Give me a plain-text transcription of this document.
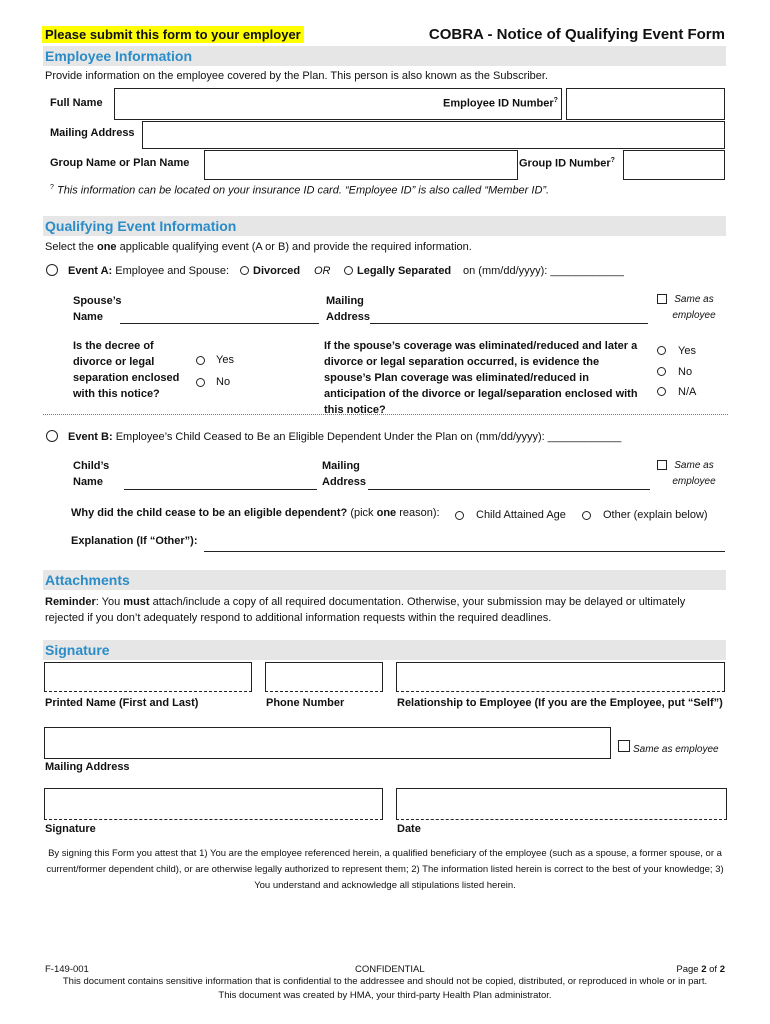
Please submit this form to your employer	COBRA - Notice of Qualifying Event Form
Employee Information
Provide information on the employee covered by the Plan. This person is also known as the Subscriber.
Full Name	Employee ID Number?
Mailing Address
Group Name or Plan Name	Group ID Number?
? This information can be located on your insurance ID card. “Employee ID” is also called “Member ID”.
Qualifying Event Information
Select the one applicable qualifying event (A or B) and provide the required information.
Event A: Employee and Spouse: Divorced OR Legally Separated on (mm/dd/yyyy): ____________
Spouse’s Name
Mailing Address
Same as employee
Is the decree of divorce or legal separation enclosed with this notice?
Yes
No
If the spouse’s coverage was eliminated/reduced and later a divorce or legal separation occurred, is evidence the spouse’s Plan coverage was eliminated/reduced in anticipation of the divorce or legal/separation enclosed with this notice?
Yes
No
N/A
Event B: Employee’s Child Ceased to Be an Eligible Dependent Under the Plan on (mm/dd/yyyy): ____________
Child’s Name
Mailing Address
Same as employee
Why did the child cease to be an eligible dependent? (pick one reason):	Child Attained Age	Other (explain below)
Explanation (If “Other”):
Attachments
Reminder: You must attach/include a copy of all required documentation. Otherwise, your submission may be delayed or ultimately rejected if you don’t adequately respond to additional information requests within the required deadlines.
Signature
Printed Name (First and Last)	Phone Number	Relationship to Employee (If you are the Employee, put “Self”)
Same as employee
Mailing Address
Signature	Date
By signing this Form you attest that 1) You are the employee referenced herein, a qualified beneficiary of the employee (such as a spouse, a former spouse, or a current/former dependent child), or are otherwise legally authorized to represent them; 2) The information listed herein is correct to the best of your knowledge; 3) You understand and acknowledge all stipulations listed herein.
F-149-001	CONFIDENTIAL	Page 2 of 2
This document contains sensitive information that is confidential to the addressee and should not be copied, distributed, or reproduced in whole or in part.
This document was created by HMA, your third-party Health Plan administrator.
